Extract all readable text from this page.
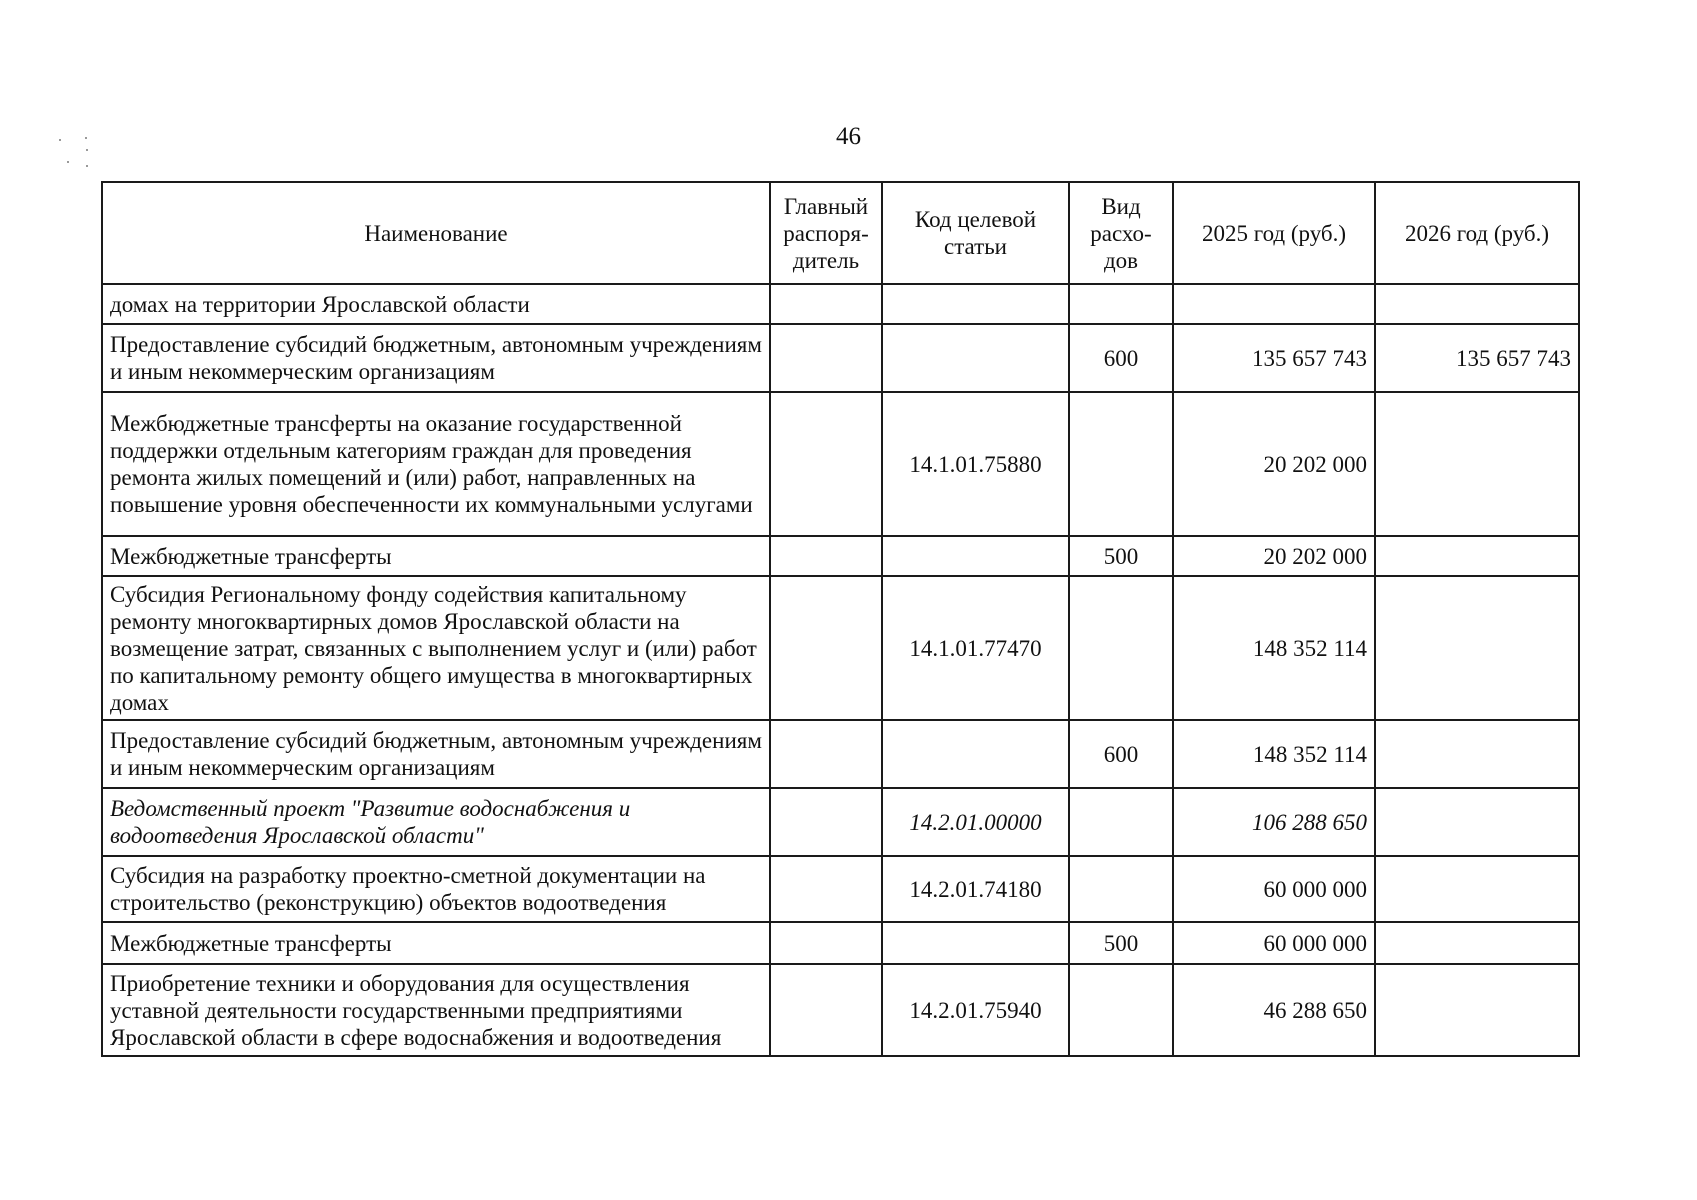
46
Наименование	Главный распоря-дитель	Код целевой статьи	Вид расхо-дов	2025 год (руб.)	2026 год (руб.)
домах на территории Ярославской области					
Предоставление субсидий бюджетным, автономным учреждениям и иным некоммерческим организациям			600	135 657 743	135 657 743
Межбюджетные трансферты на оказание государственной поддержки отдельным категориям граждан для проведения ремонта жилых помещений и (или) работ, направленных на повышение уровня обеспеченности их коммунальными услугами		14.1.01.75880		20 202 000	
Межбюджетные трансферты			500	20 202 000	
Субсидия Региональному фонду содействия капитальному ремонту многоквартирных домов Ярославской области на возмещение затрат, связанных с выполнением услуг и (или) работ по капитальному ремонту общего имущества в многоквартирных домах		14.1.01.77470		148 352 114	
Предоставление субсидий бюджетным, автономным учреждениям и иным некоммерческим организациям			600	148 352 114	
Ведомственный проект "Развитие водоснабжения и водоотведения Ярославской области"		14.2.01.00000		106 288 650	
Субсидия на разработку проектно-сметной документации на строительство (реконструкцию) объектов водоотведения		14.2.01.74180		60 000 000	
Межбюджетные трансферты			500	60 000 000	
Приобретение техники и оборудования для осуществления уставной деятельности государственными предприятиями Ярославской области в сфере водоснабжения и водоотведения		14.2.01.75940		46 288 650	
